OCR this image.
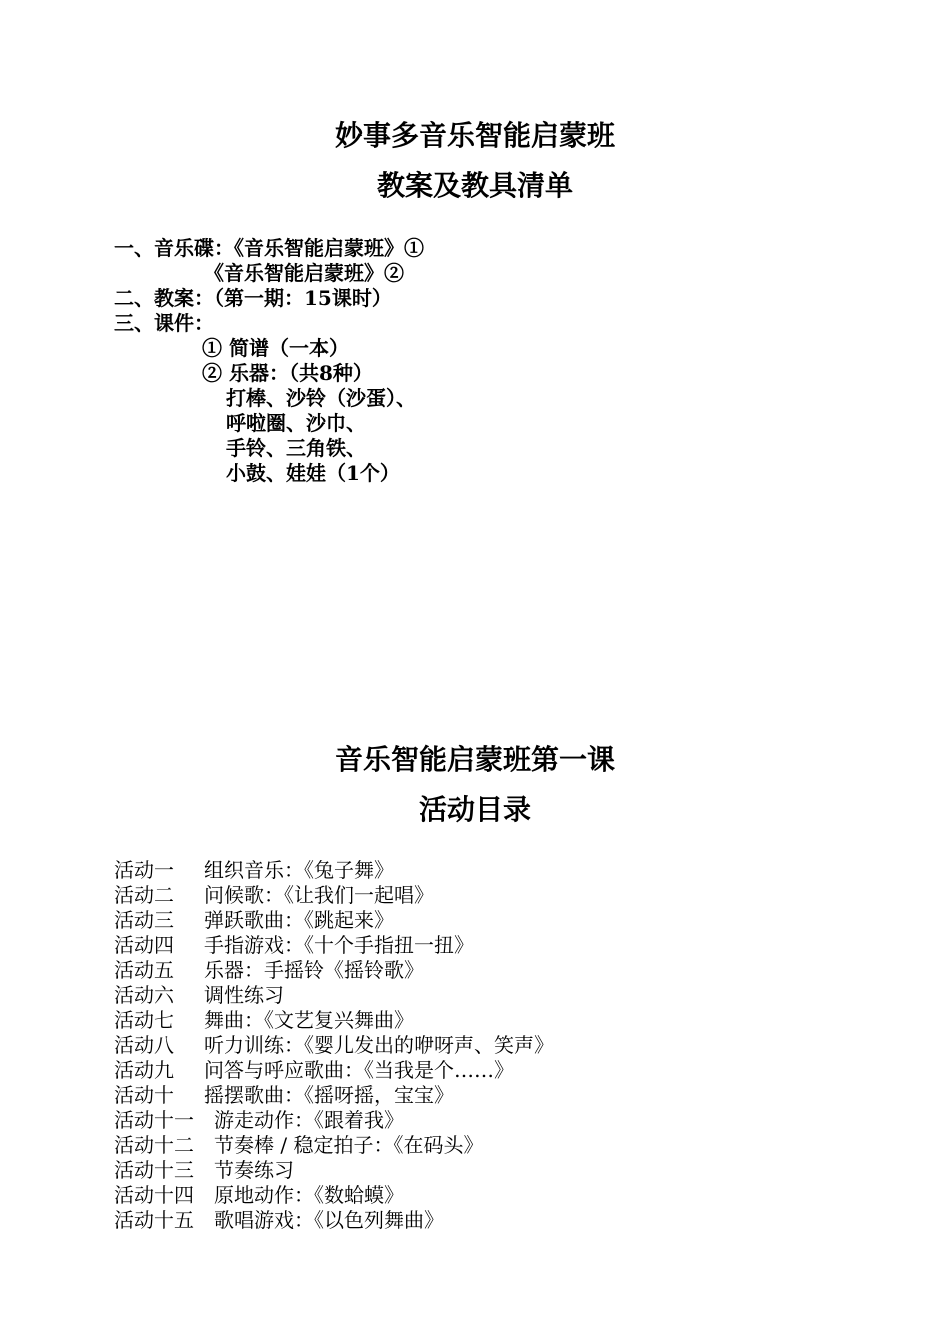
妙事多音乐智能启蒙班
教案及教具清单
一、音乐碟：《音乐智能启蒙班》①
《音乐智能启蒙班》②
二、教案：（第一期：15课时）
三、课件：
① 简谱（一本）
② 乐器：（共8种）
打棒、沙铃（沙蛋）、
呼啦圈、沙巾、
手铃、三角铁、
小鼓、娃娃（1个）
音乐智能启蒙班第一课
活动目录
活动一 组织音乐：《兔子舞》
活动二 问候歌：《让我们一起唱》
活动三 弹跃歌曲：《跳起来》
活动四 手指游戏：《十个手指扭一扭》
活动五 乐器：手摇铃《摇铃歌》
活动六 调性练习
活动七 舞曲：《文艺复兴舞曲》
活动八 听力训练：《婴儿发出的咿呀声、笑声》
活动九 问答与呼应歌曲：《当我是个……》
活动十 摇摆歌曲：《摇呀摇，宝宝》
活动十一 游走动作：《跟着我》
活动十二 节奏棒 / 稳定拍子：《在码头》
活动十三 节奏练习
活动十四 原地动作：《数蛤蟆》
活动十五 歌唱游戏：《以色列舞曲》
